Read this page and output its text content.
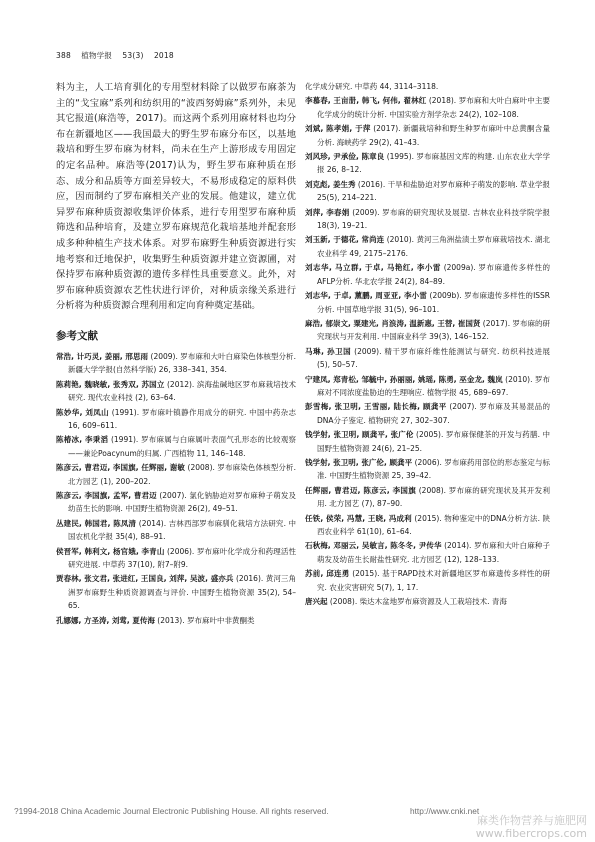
388 植物学报 53(3) 2018

料为主，人工培育驯化的专用型材料除了以做罗布麻茶为主的“戈宝麻”系列和纺织用的“波西努姆麻”系列外，未见其它报道(麻浩等，2017)。而这两个系列用麻材料也均分布在新疆地区——我国最大的野生罗布麻分布区，以基地栽培和野生罗布麻为材料，尚未在生产上游形成专用固定的定名品种。麻浩等(2017)认为，野生罗布麻种质在形态、成分和品质等方面差异较大，不易形成稳定的原料供应，因而制约了罗布麻相关产业的发展。他建议，建立优异罗布麻种质资源收集评价体系，进行专用型罗布麻种质筛选和品种培育，及建立罗布麻规范化栽培基地并配套形成多种种植生产技术体系。对罗布麻野生种质资源进行实地考察和迁地保护，收集野生种质资源并建立资源圃，对保持罗布麻种质资源的遗传多样性具重要意义。此外，对罗布麻种质资源农艺性状进行评价，对种质亲缘关系进行分析将为种质资源合理利用和定向育种奠定基础。

参考文献

常浩, 计巧灵, 姜丽, 邢思雨 (2009). 罗布麻和大叶白麻染色体核型分析. 新疆大学学报(自然科学版) 26, 338–341, 354.

陈莉艳, 魏晓敏, 张秀双, 苏国立 (2012). 滨海盐碱地区罗布麻栽培技术研究. 现代农业科技 (2), 63–64.

陈妙华, 刘凤山 (1991). 罗布麻叶镇静作用成分的研究. 中国中药杂志 16, 609–611.

陈椿冰, 李秉滔 (1991). 罗布麻属与白麻属叶表面气孔形态的比较观察——兼论Poacynum的归属. 广西植物 11, 146–148.

陈彦云, 曹君迈, 李国旗, 任辉丽, 谢敏 (2008). 罗布麻染色体核型分析. 北方园艺 (1), 200–202.

陈彦云, 李国旗, 孟军, 曹君迈 (2007). 氯化钠胁迫对罗布麻种子萌发及幼苗生长的影响. 中国野生植物资源 26(2), 49–51.

丛建民, 韩国君, 陈凤清 (2014). 吉林西部罗布麻驯化栽培方法研究. 中国农机化学报 35(4), 88–91.

侯晋军, 韩利文, 杨官娥, 李青山 (2006). 罗布麻叶化学成分和药理活性研究进展. 中草药 37(10), 附7–附9.

贾春林, 张文君, 张进红, 王国良, 刘萍, 吴波, 盛亦兵 (2016). 黄河三角洲罗布麻野生种质资源调查与评价. 中国野生植物资源 35(2), 54–65.

孔娜娜, 方圣涛, 刘莺, 夏传海 (2013). 罗布麻叶中非黄酮类

化学成分研究. 中草药 44, 3114–3118.

李慕春, 王亩册, 韩飞, 何伟, 翟林红 (2018). 罗布麻和大叶白麻叶中主要化学成分的统计分析. 中国实验方剂学杂志 24(2), 102–108.

刘斌, 陈孝娟, 于萍 (2017). 新疆栽培种和野生种罗布麻叶中总黄酮含量分析. 海峡药学 29(2), 41–43.

刘风珍, 尹承俭, 陈章良 (1995). 罗布麻基因文库的构建. 山东农业大学学报 26, 8–12.

刘克彪, 姜生秀 (2016). 干旱和盐胁迫对罗布麻种子萌发的影响. 草业学报 25(5), 214–221.

刘萍, 李春娟 (2009). 罗布麻的研究现状及展望. 吉林农业科技学院学报 18(3), 19–21.

刘玉新, 于德花, 常尚连 (2010). 黄河三角洲盐渍土罗布麻栽培技术. 湖北农业科学 49, 2175–2176.

刘志华, 马立群, 于卓, 马艳红, 李小雷 (2009a). 罗布麻遗传多样性的AFLP分析. 华北农学报 24(2), 84–89.

刘志华, 于卓, 薰鹏, 周亚亚, 李小雷 (2009b). 罗布麻遗传多样性的ISSR分析. 中国草地学报 31(5), 96–101.

麻浩, 郁崇文, 粟建光, 肖浪涛, 温新惠, 王替, 崔国贤 (2017). 罗布麻的研究现状与开发利用. 中国麻业科学 39(3), 146–152.

马琳, 孙卫国 (2009). 精干罗布麻纤维性能测试与研究. 纺织科技进展 (5), 50–57.

宁建凤, 郑青松, 邹毓中, 孙丽丽, 姚瑶, 陈勇, 巫金龙, 魏岚 (2010). 罗布麻对不同浓度盐胁迫的生理响应. 植物学报 45, 689–697.

彭雪梅, 张卫明, 王雪丽, 陆长梅, 顾龚平 (2007). 罗布麻及其易混品的DNA分子鉴定. 植物研究 27, 302–307.

钱学射, 张卫明, 顾龚平, 张广伦 (2005). 罗布麻保健茶的开发与药膳. 中国野生植物资源 24(6), 21–25.

钱学射, 张卫明, 张广伦, 顾龚平 (2006). 罗布麻药用部位的形态鉴定与标准. 中国野生植物资源 25, 39–42.

任辉丽, 曹君迈, 陈彦云, 李国旗 (2008). 罗布麻的研究现状及其开发利用. 北方园艺 (7), 87–90.

任铁, 侯荣, 冯慧, 王晓, 冯成利 (2015). 物种鉴定中的DNA分析方法. 陕西农业科学 61(10), 61–64.

石秋梅, 邓丽云, 吴敏言, 陈冬冬, 尹传华 (2014). 罗布麻和大叶白麻种子萌发及幼苗生长耐盐性研究. 北方园艺 (12), 128–133.

苏前, 邱连勇 (2015). 基于RAPD技术对新疆地区罗布麻遗传多样性的研究. 农业灾害研究 5(7), 1, 17.

唐兴起 (2008). 柴达木盆地罗布麻资源及人工栽培技术. 青海

?1994-2018 China Academic Journal Electronic Publishing House. All rights reserved.	http://www.cnki.net
麻类作物营养与施肥网
www.fibercrops.com
